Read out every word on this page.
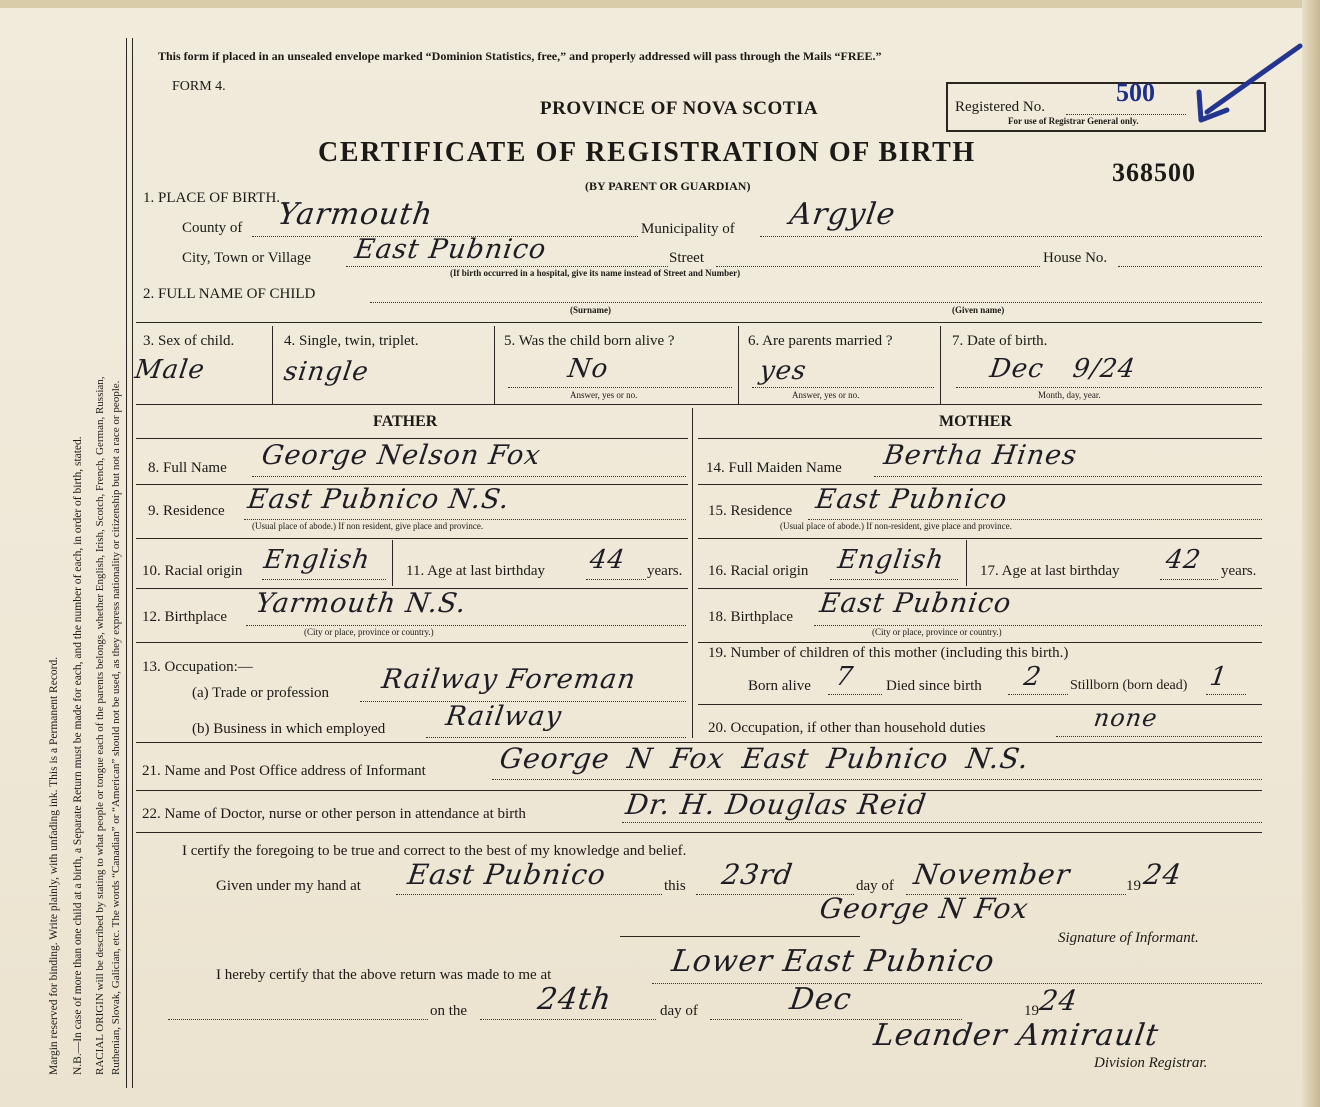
Margin reserved for binding. Write plainly, with unfading ink. This is a Permanent Record. N.B.—In case of more than one child at a birth, a Separate Return must be made for each, and the number of each, in order of birth, stated. RACIAL ORIGIN will be described by stating to what people or tongue each of the parents belongs, whether English, Irish, Scotch, French, German, Russian, Ruthenian, Slovak, Galician, etc. The words “Canadian” or “American” should not be used, as they express nationality or citizenship but not a race or people.
This form if placed in an unsealed envelope marked “Dominion Statistics, free,” and properly addressed will pass through the Mails “FREE.”
FORM 4.
PROVINCE OF NOVA SCOTIA
CERTIFICATE OF REGISTRATION OF BIRTH
(BY PARENT OR GUARDIAN)	368500
Registered No.	500
For use of Registrar General only.
1. PLACE OF BIRTH.
County of Yarmouth	Municipality of Argyle
City, Town or Village East Pubnico	Street	House No.
(If birth occurred in a hospital, give its name instead of Street and Number)
2. FULL NAME OF CHILD
(Surname)	(Given name)
3. Sex of child.
Male
4. Single, twin, triplet.
single
5. Was the child born alive ?
No
Answer, yes or no.
6. Are parents married ?
yes
Answer, yes or no.
7. Date of birth.
Dec 9/24
Month, day, year.
FATHER	MOTHER
8. Full Name George Nelson Fox	14. Full Maiden Name Bertha Hines
9. Residence East Pubnico N.S.
(Usual place of abode.) If non resident, give place and province.
15. Residence East Pubnico
(Usual place of abode.) If non-resident, give place and province.
10. Racial origin English 11. Age at last birthday 44 years. 16. Racial origin English 17. Age at last birthday 42 years.
12. Birthplace Yarmouth N.S.
(City or place, province or country.)
18. Birthplace East Pubnico
(City or place, province or country.)
13. Occupation:—
(a) Trade or profession Railway Foreman
(b) Business in which employed Railway
19. Number of children of this mother (including this birth.)
Born alive 7 Died since birth 2 Stillborn (born dead) 1
20. Occupation, if other than household duties	none
21. Name and Post Office address of Informant	George N Fox East Pubnico N.S.
22. Name of Doctor, nurse or other person in attendance at birth	Dr. H. Douglas Reid
I certify the foregoing to be true and correct to the best of my knowledge and belief.
Given under my hand at East Pubnico	this 23rd	day of November	19 24
George N Fox
Signature of Informant.
I hereby certify that the above return was made to me at	Lower East Pubnico
on the 24th	day of	Dec	19
24
Leander Amirault
Division Registrar.
